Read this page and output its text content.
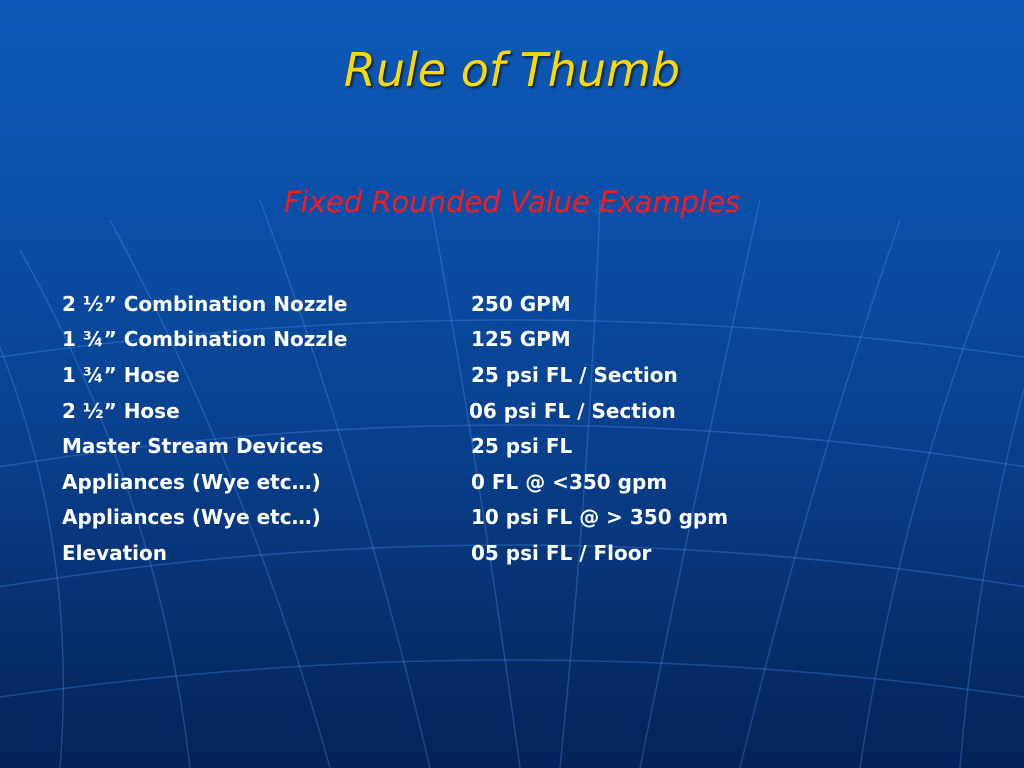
Rule of Thumb
Fixed Rounded Value Examples
2 ½” Combination Nozzle	250 GPM
1 ¾” Combination Nozzle	125 GPM
1 ¾” Hose	25 psi FL / Section
2 ½” Hose	06 psi FL / Section
Master Stream Devices	25 psi FL
Appliances (Wye etc…)	0 FL @ <350 gpm
Appliances (Wye etc…)	10 psi FL @ > 350 gpm
Elevation	05 psi FL / Floor
